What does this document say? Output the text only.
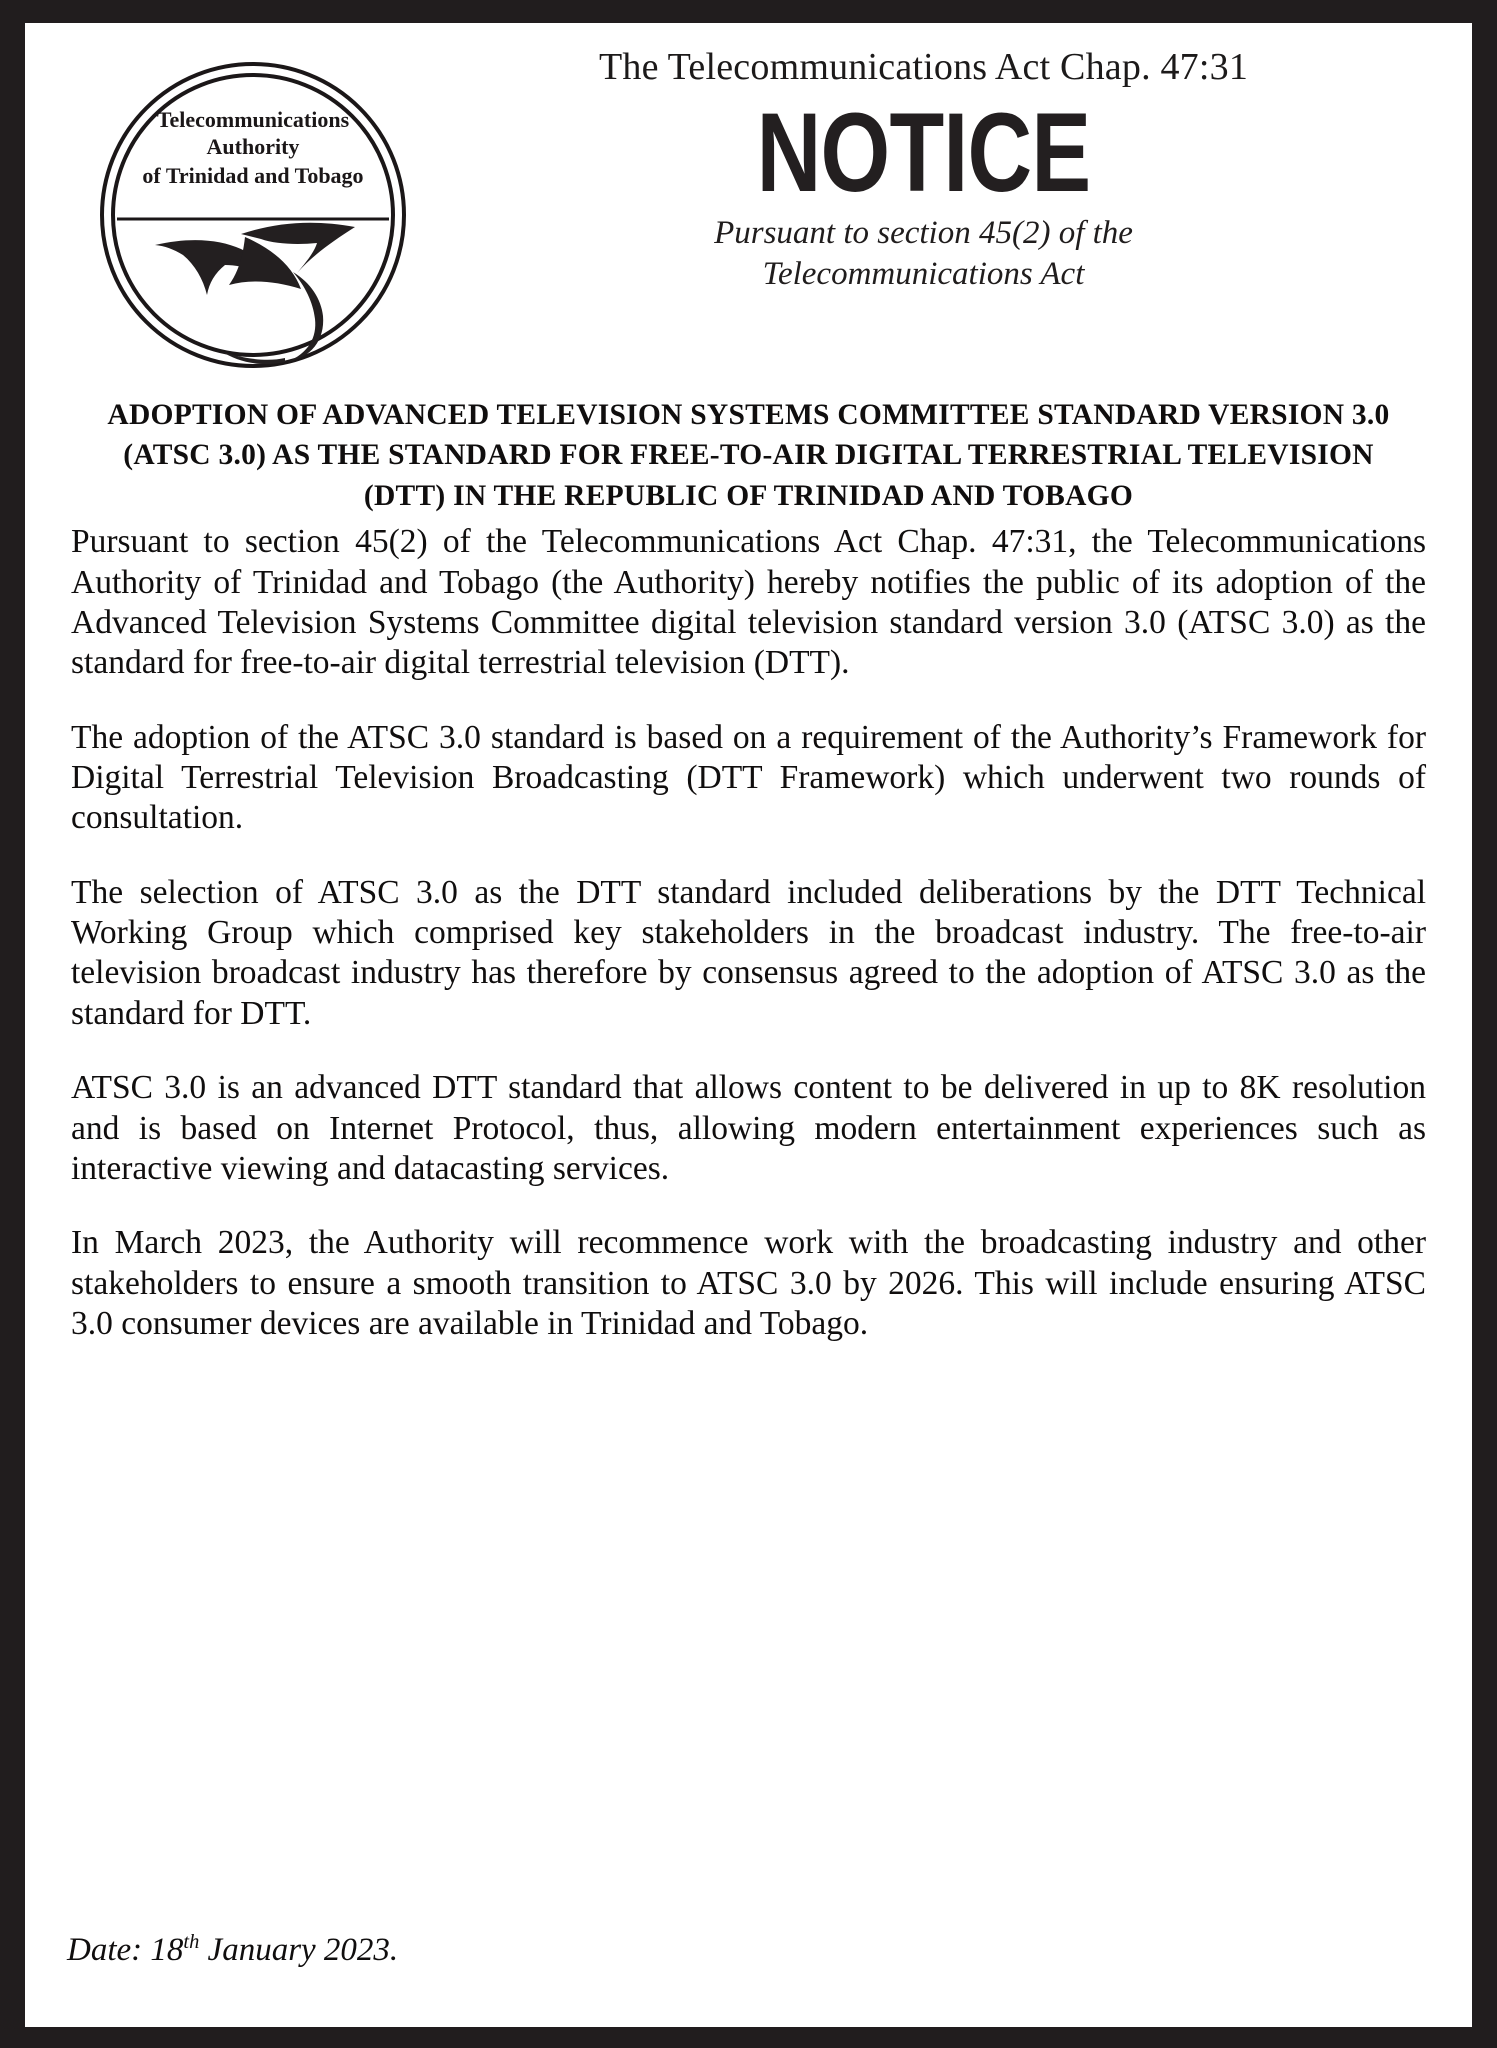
Telecommunications
Authority
of Trinidad and Tobago
The Telecommunications Act Chap. 47:31
NOTICE
Pursuant to section 45(2) of the
Telecommunications Act
ADOPTION OF ADVANCED TELEVISION SYSTEMS COMMITTEE STANDARD VERSION 3.0 (ATSC 3.0) AS THE STANDARD FOR FREE-TO-AIR DIGITAL TERRESTRIAL TELEVISION (DTT) IN THE REPUBLIC OF TRINIDAD AND TOBAGO

Pursuant to section 45(2) of the Telecommunications Act Chap. 47:31, the Telecommunications Authority of Trinidad and Tobago (the Authority) hereby notifies the public of its adoption of the Advanced Television Systems Committee digital television standard version 3.0 (ATSC 3.0) as the standard for free-to-air digital terrestrial television (DTT).

The adoption of the ATSC 3.0 standard is based on a requirement of the Authority’s Framework for Digital Terrestrial Television Broadcasting (DTT Framework) which underwent two rounds of consultation.

The selection of ATSC 3.0 as the DTT standard included deliberations by the DTT Technical Working Group which comprised key stakeholders in the broadcast industry. The free-to-air television broadcast industry has therefore by consensus agreed to the adoption of ATSC 3.0 as the standard for DTT.

ATSC 3.0 is an advanced DTT standard that allows content to be delivered in up to 8K resolution and is based on Internet Protocol, thus, allowing modern entertainment experiences such as interactive viewing and datacasting services.

In March 2023, the Authority will recommence work with the broadcasting industry and other stakeholders to ensure a smooth transition to ATSC 3.0 by 2026. This will include ensuring ATSC 3.0 consumer devices are available in Trinidad and Tobago.

Date: 18th January 2023.
